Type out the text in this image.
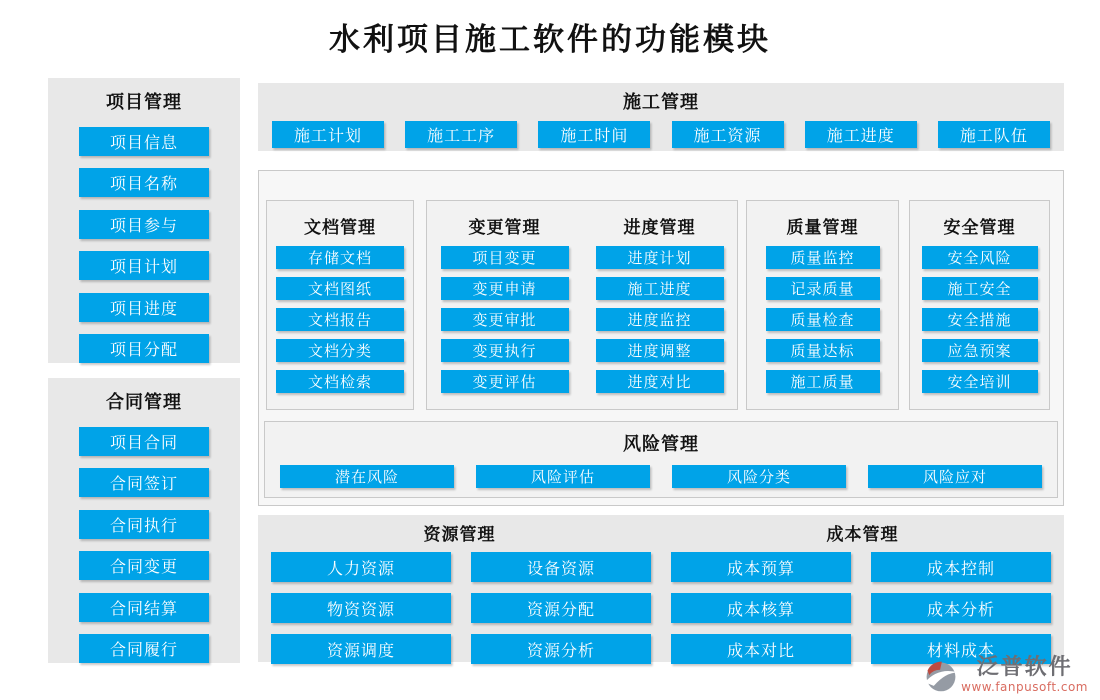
水利项目施工软件的功能模块
项目管理
项目信息
项目名称
项目参与
项目计划
项目进度
项目分配
合同管理
项目合同
合同签订
合同执行
合同变更
合同结算
合同履行
施工管理
施工计划	施工工序	施工时间	施工资源	施工进度	施工队伍
文档管理
存储文档
文档图纸
文档报告
文档分类
文档检索
变更管理
项目变更
变更申请
变更审批
变更执行
变更评估
进度管理
进度计划
施工进度
进度监控
进度调整
进度对比
质量管理
质量监控
记录质量
质量检查
质量达标
施工质量
安全管理
安全风险
施工安全
安全措施
应急预案
安全培训
风险管理
潜在风险	风险评估	风险分类	风险应对
资源管理	成本管理
人力资源	设备资源	成本预算	成本控制
物资资源	资源分配	成本核算	成本分析
资源调度	资源分析	成本对比	材料成本
泛普软件
www.fanpusoft.com
